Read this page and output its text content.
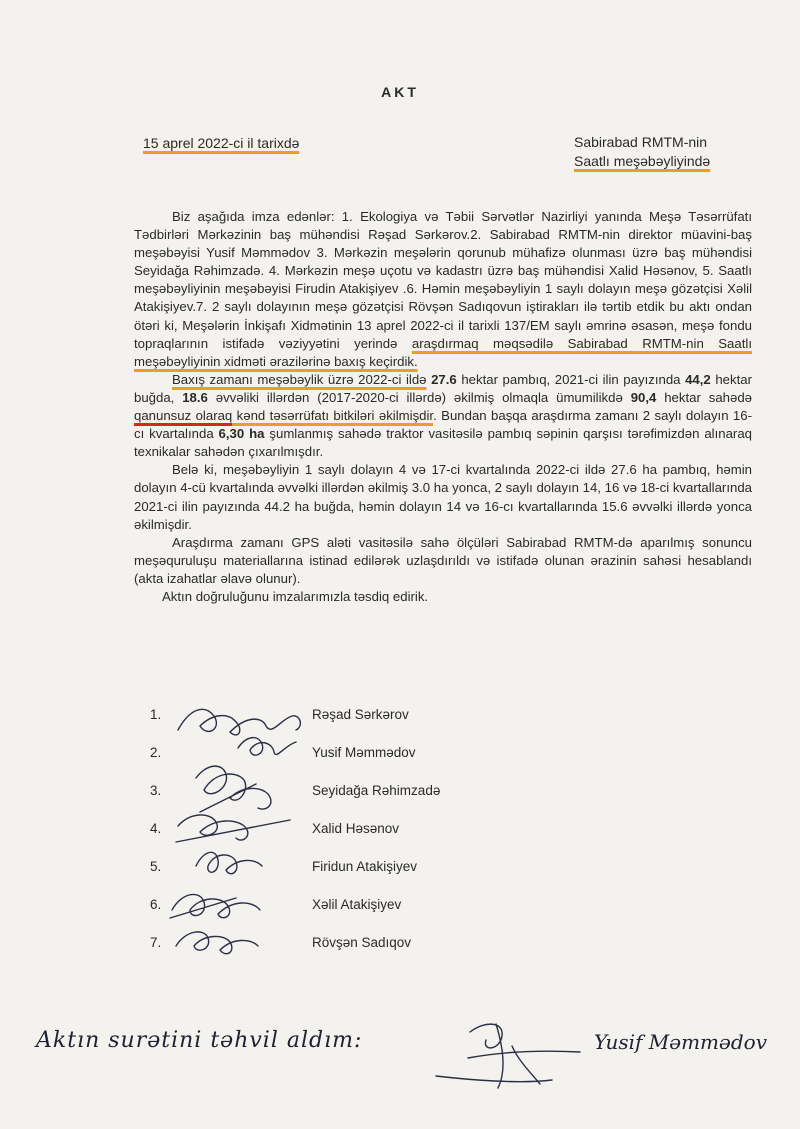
AKT
15 aprel 2022-ci il tarixdə	Sabirabad RMTM-nin
Saatlı meşəbəyliyində

Biz aşağıda imza edənlər: 1. Ekologiya və Təbii Sərvətlər Nazirliyi yanında Meşə Təsərrüfatı Tədbirləri Mərkəzinin baş mühəndisi Rəşad Sərkərov.2. Sabirabad RMTM-nin direktor müavini-baş meşəbəyisi Yusif Məmmədov 3. Mərkəzin meşələrin qorunub mühafizə olunması üzrə baş mühəndisi Seyidağa Rəhimzadə. 4. Mərkəzin meşə uçotu və kadastrı üzrə baş mühəndisi Xalid Həsənov, 5. Saatlı meşəbəyliyinin meşəbəyisi Firudin Atakişiyev .6. Həmin meşəbəyliyin 1 saylı dolayın meşə gözətçisi Xəlil Atakişiyev.7. 2 saylı dolayının meşə gözətçisi Rövşən Sadıqovun iştirakları ilə tərtib etdik bu aktı ondan ötəri ki, Meşələrin İnkişafı Xidmətinin 13 aprel 2022-ci il tarixli 137/EM saylı əmrinə əsasən, meşə fondu topraqlarının istifadə vəziyyətini yerində araşdırmaq məqsədilə Sabirabad RMTM-nin Saatlı meşəbəyliyinin xidməti ərazilərinə baxış keçirdik.

Baxış zamanı meşəbəylik üzrə 2022-ci ildə 27.6 hektar pambıq, 2021-ci ilin payızında 44,2 hektar buğda, 18.6 əvvəliki illərdən (2017-2020-ci illərdə) əkilmiş olmaqla ümumilikdə 90,4 hektar sahədə qanunsuz olaraq kənd təsərrüfatı bitkiləri əkilmişdir. Bundan başqa araşdırma zamanı 2 saylı dolayın 16-cı kvartalında 6,30 ha şumlanmış sahədə traktor vasitəsilə pambıq səpinin qarşısı tərəfimizdən alınaraq texnikalar sahədən çıxarılmışdır.

Belə ki, meşəbəyliyin 1 saylı dolayın 4 və 17-ci kvartalında 2022-ci ildə 27.6 ha pambıq, həmin dolayın 4-cü kvartalında əvvəlki illərdən əkilmiş 3.0 ha yonca, 2 saylı dolayın 14, 16 və 18-ci kvartallarında 2021-ci ilin payızında 44.2 ha buğda, həmin dolayın 14 və 16-cı kvartallarında 15.6 əvvəlki illərdə yonca əkilmişdir.

Araşdırma zamanı GPS aləti vasitəsilə sahə ölçüləri Sabirabad RMTM-də aparılmış sonuncu meşəquruluşu materiallarına istinad edilərək uzlaşdırıldı və istifadə olunan ərazinin sahəsi hesablandı (akta izahatlar əlavə olunur).

Aktın doğruluğunu imzalarımızla təsdiq edirik.

1.	Rəşad Sərkərov
2.	Yusif Məmmədov
3.	Seyidağa Rəhimzadə
4.	Xalid Həsənov
5.	Firidun Atakişiyev
6.	Xəlil Atakişiyev
7.	Rövşən Sadıqov
Aktın surətini təhvil aldım:	Yusif Məmmədov
